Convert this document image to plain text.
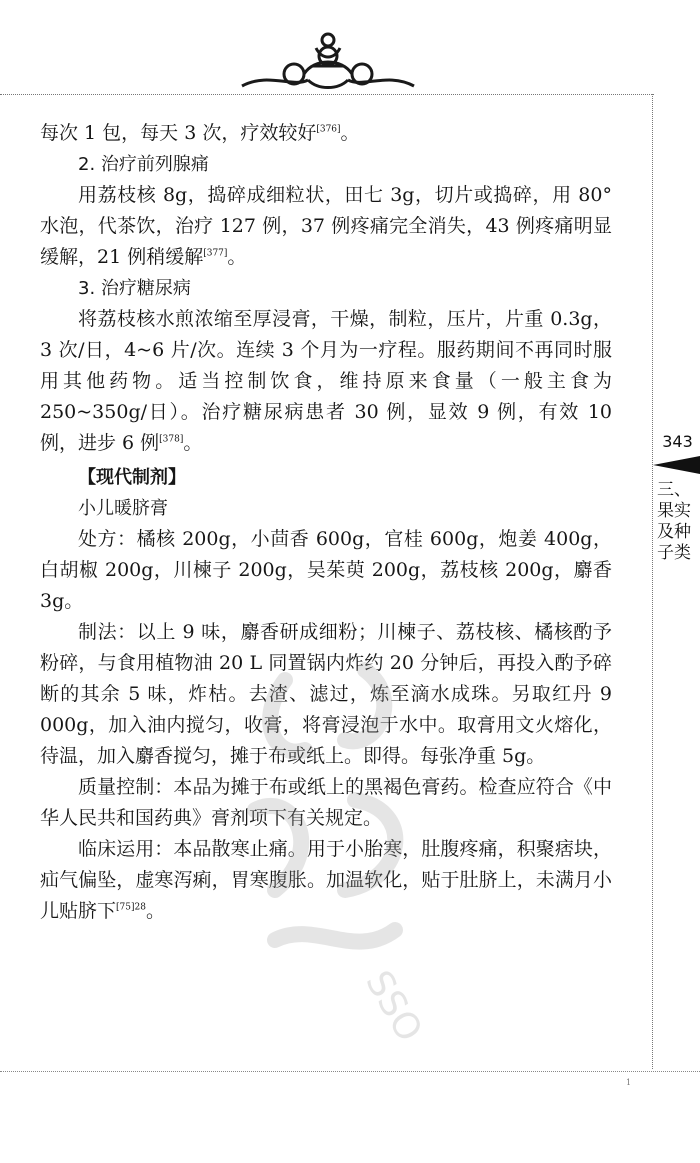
每次 1 包，每天 3 次，疗效较好[376]。

2. 治疗前列腺痛

用荔枝核 8g，捣碎成细粒状，田七 3g，切片或捣碎，用 80° 水泡，代茶饮，治疗 127 例，37 例疼痛完全消失，43 例疼痛明显缓解，21 例稍缓解[377]。

3. 治疗糖尿病

将荔枝核水煎浓缩至厚浸膏，干燥，制粒，压片，片重 0.3g，3 次/日，4~6 片/次。连续 3 个月为一疗程。服药期间不再同时服用其他药物。适当控制饮食，维持原来食量（一般主食为 250~350g/日）。治疗糖尿病患者 30 例，显效 9 例，有效 10 例，进步 6 例[378]。

【现代制剂】

小儿暖脐膏

处方：橘核 200g，小茴香 600g，官桂 600g，炮姜 400g，白胡椒 200g，川楝子 200g，吴茱萸 200g，荔枝核 200g，麝香 3g。

制法：以上 9 味，麝香研成细粉；川楝子、荔枝核、橘核酌予粉碎，与食用植物油 20 L 同置锅内炸约 20 分钟后，再投入酌予碎断的其余 5 味，炸枯。去渣、滤过，炼至滴水成珠。另取红丹 9 000g，加入油内搅匀，收膏，将膏浸泡于水中。取膏用文火熔化，待温，加入麝香搅匀，摊于布或纸上。即得。每张净重 5g。

质量控制：本品为摊于布或纸上的黑褐色膏药。检查应符合《中华人民共和国药典》膏剂项下有关规定。

临床运用：本品散寒止痛。用于小胎寒，肚腹疼痛，积聚痞块，疝气偏坠，虚寒泻痢，胃寒腹胀。加温软化，贴于肚脐上，未满月小儿贴脐下$^{[75]28}$。

343
三、果实及种子类
SSO
1
